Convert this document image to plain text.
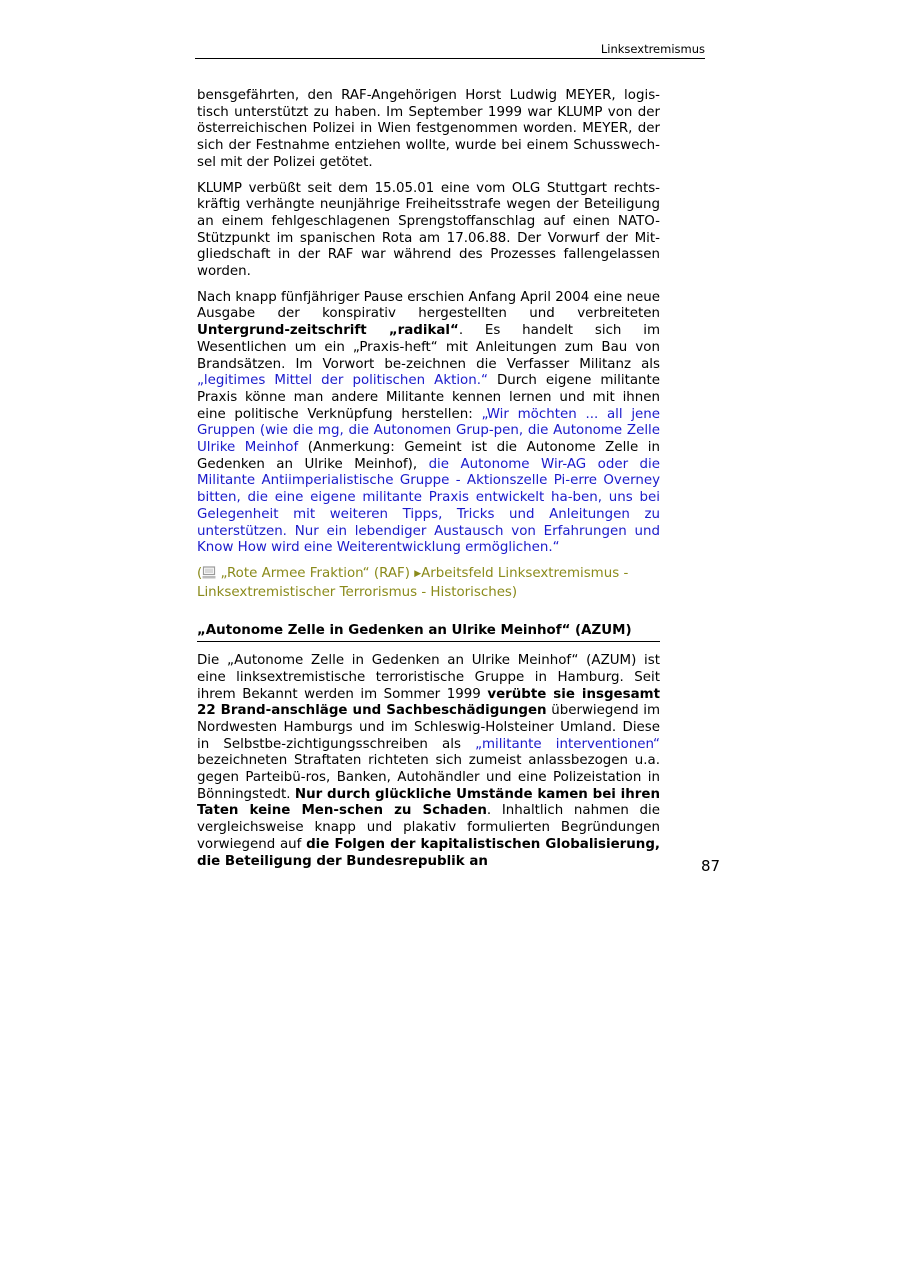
Linksextremismus

bensgefährten, den RAF-Angehörigen Horst Ludwig MEYER, logis- tisch unterstützt zu haben. Im September 1999 war KLUMP von der österreichischen Polizei in Wien festgenommen worden. MEYER, der sich der Festnahme entziehen wollte, wurde bei einem Schusswech- sel mit der Polizei getötet.

KLUMP verbüßt seit dem 15.05.01 eine vom OLG Stuttgart rechts- kräftig verhängte neunjährige Freiheitsstrafe wegen der Beteiligung an einem fehlgeschlagenen Sprengstoffanschlag auf einen NATO- Stützpunkt im spanischen Rota am 17.06.88. Der Vorwurf der Mit- gliedschaft in der RAF war während des Prozesses fallengelassen worden.

Nach knapp fünfjähriger Pause erschien Anfang April 2004 eine neue Ausgabe der konspirativ hergestellten und verbreiteten Untergrund-zeitschrift „radikal“. Es handelt sich im Wesentlichen um ein „Praxis-heft“ mit Anleitungen zum Bau von Brandsätzen. Im Vorwort be-zeichnen die Verfasser Militanz als „legitimes Mittel der politischen Aktion.“ Durch eigene militante Praxis könne man andere Militante kennen lernen und mit ihnen eine politische Verknüpfung herstellen: „Wir möchten ... all jene Gruppen (wie die mg, die Autonomen Grup-pen, die Autonome Zelle Ulrike Meinhof (Anmerkung: Gemeint ist die Autonome Zelle in Gedenken an Ulrike Meinhof), die Autonome Wir-AG oder die Militante Antiimperialistische Gruppe - Aktionszelle Pi-erre Overney bitten, die eine eigene militante Praxis entwickelt ha-ben, uns bei Gelegenheit mit weiteren Tipps, Tricks und Anleitungen zu unterstützen. Nur ein lebendiger Austausch von Erfahrungen und Know How wird eine Weiterentwicklung ermöglichen.“

( „Rote Armee Fraktion“ (RAF) ▶Arbeitsfeld Linksextremismus -
Linksextremistischer Terrorismus - Historisches)

„Autonome Zelle in Gedenken an Ulrike Meinhof“ (AZUM)

Die „Autonome Zelle in Gedenken an Ulrike Meinhof“ (AZUM) ist eine linksextremistische terroristische Gruppe in Hamburg. Seit ihrem Bekannt werden im Sommer 1999 verübte sie insgesamt 22 Brand-anschläge und Sachbeschädigungen überwiegend im Nordwesten Hamburgs und im Schleswig-Holsteiner Umland. Diese in Selbstbe-zichtigungsschreiben als „militante interventionen“ bezeichneten Straftaten richteten sich zumeist anlassbezogen u.a. gegen Parteibü-ros, Banken, Autohändler und eine Polizeistation in Bönningstedt. Nur durch glückliche Umstände kamen bei ihren Taten keine Men-schen zu Schaden. Inhaltlich nahmen die vergleichsweise knapp und plakativ formulierten Begründungen vorwiegend auf die Folgen der kapitalistischen Globalisierung, die Beteiligung der Bundesrepublik an	87
